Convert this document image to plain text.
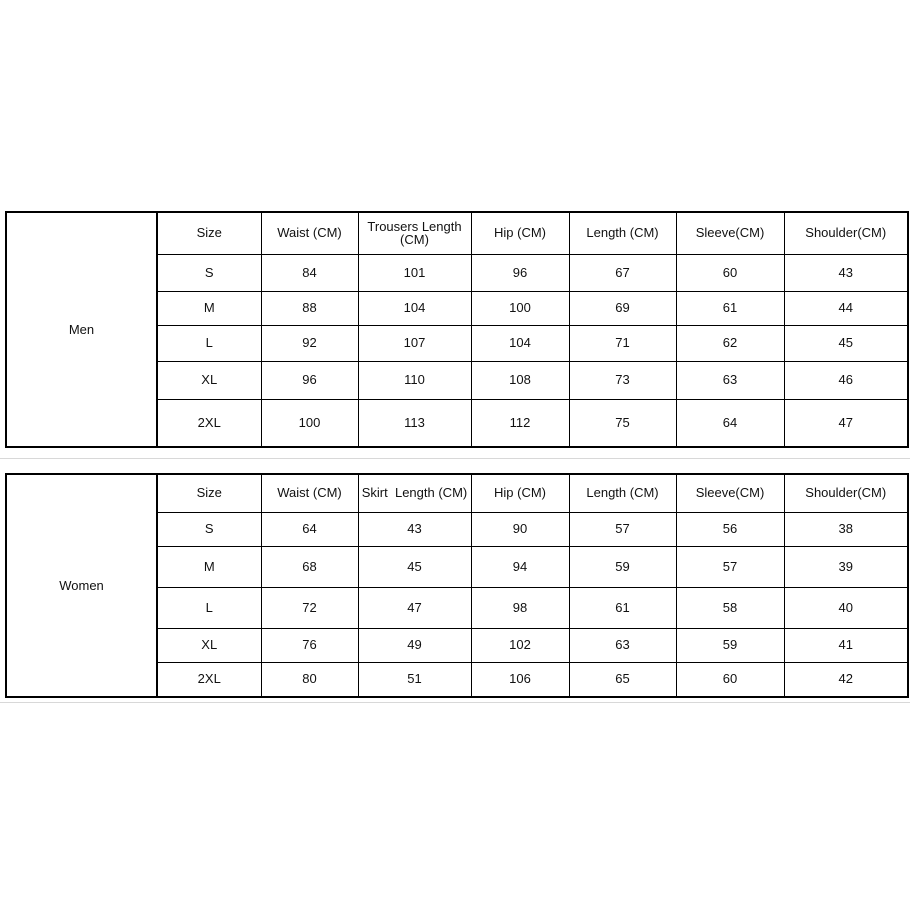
Men	Size	Waist (CM)	Trousers Length (CM)	Hip (CM)	Length (CM)	Sleeve(CM)	Shoulder(CM)
	S	84	101	96	67	60	43
	M	88	104	100	69	61	44
	L	92	107	104	71	62	45
	XL	96	110	108	73	63	46
	2XL	100	113	112	75	64	47
Women	Size	Waist (CM)	Skirt  Length (CM)	Hip (CM)	Length (CM)	Sleeve(CM)	Shoulder(CM)
	S	64	43	90	57	56	38
	M	68	45	94	59	57	39
	L	72	47	98	61	58	40
	XL	76	49	102	63	59	41
	2XL	80	51	106	65	60	42
